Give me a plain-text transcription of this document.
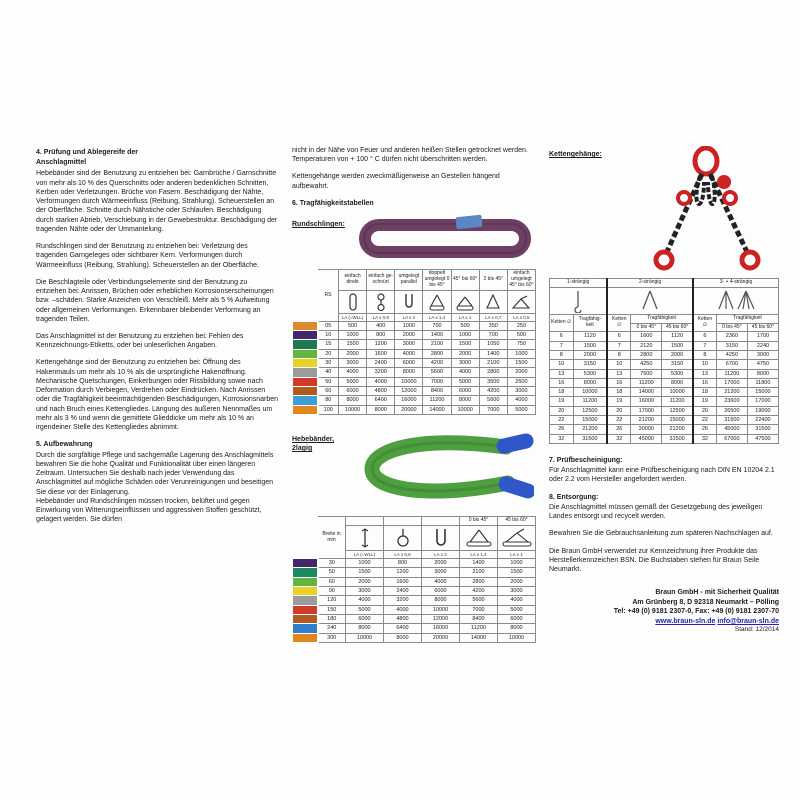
4. Prüfung und Ablegereife der
Anschlagmittel

Hebebänder sind der Benutzung zu entziehen bei: Garnbrüche / Garnschnitte von mehr als 10 % des Querschnitts oder anderen bedenklichen Schnitten, Kerben oder Verletzungen. Brüche von Fasern. Beschädigung der Nähte, Verformungen durch Wärmeeinfluss (Reibung, Strahlung). Scheuerstellen an der Oberfläche. Schnitte durch Nähstiche oder Schlaufen. Beschädigung durch starken Abrieb, Verschiebung in der Gewebestruktur. Beschädigung der tragenden Nähte oder der Ummantelung.

Rundschlingen sind der Benutzung zu entziehen bei: Verletzung des tragenden Garngeleges oder sichtbarer Kern. Verformungen durch Wärmeeinfluss (Reibung, Strahlung). Scheuerstellen an der Oberfläche.

Die Beschlagteile oder Verbindungselemente sind der Benutzung zu entziehen bei: Anrissen, Brüchen oder erheblichen Korrosionserscheinungen bzw. –schäden. Starke Anzeichen von Verschleiß. Mehr als 5 % Aufweitung oder allgemeinen Verformungen. Erkennbarer bleibender Verformung an tragenden Teilen.

Das Anschlagmittel ist der Benutzung zu entziehen bei: Fehlen des Kennzeichnungs-Etiketts, oder bei unleserlichen Angaben.

Kettengehänge sind der Benutzung zu entziehen bei: Öffnung des Hakenmauls um mehr als 10 % als die ursprüngliche Hakenöffnung. Mechanische Quetschungen, Einkerbungen oder Rissbildung sowie nach Deformation durch Verbiegen, Verdrehen oder Eindrücken. Nach Anrissen oder die Tragfähigkeit beeinträchtigenden Beschädigungen, Korrosionsnarben und nach Bruch eines Kettengliedes. Längung des äußeren Nennmaßes um mehr als 3 % und wenn die gemittete Glieddicke um mehr als 10 % an irgendeiner Stelle des Kettengliedes abnimmt.

5. Aufbewahrung

Durch die sorgfältige Pflege und sachgemäße Lagerung des Anschlagmittels bewahren Sie die hohe Qualität und Funktionalität über einen längeren Zeitraum. Untersuchen Sie deshalb nach jeder Verwendung das Anschlagmittel auf mögliche Schäden oder Verunreinigungen und beseitigen Sie diese vor der Einlagerung.

Hebebänder und Rundschlingen müssen trocken, belüftet und gegen Einwirkung von Witterungseinflüssen und aggressiven Stoffen geschützt, gelagert werden. Sie dürfen

nicht in der Nähe von Feuer und anderen heißen Stellen getrocknet werden. Temperaturen von + 100 ° C dürfen nicht überschritten werden.

Kettengehänge werden zweckmäßigerweise an Gestellen hängend aufbewahrt.

6. Tragfähigkeitstabellen
Rundschlingen:
	RS	einfach direkt	einfach ge- schnürt	umgelegt parallel	doppelt umgelegt 0 bis 45°	45° bis 60°	2 bis 45°	einfach umgelegt 45° bis 60°

		LA (=WLL)	LA x 0,8	LA x 2	LA x 1,4	LA x 1	LA x 0,7	LA x 0,5
	05	500	400	1000	700	500	350	250
	10	1000	800	2000	1400	1000	700	500
	15	1500	1200	3000	2100	1500	1050	750
	20	2000	1600	4000	2800	2000	1400	1000
	30	3000	2400	6000	4200	3000	2100	1500
	40	4000	3200	8000	5600	4000	2800	2000
	50	5000	4000	10000	7000	5000	3500	2500
	60	6000	4800	12000	8400	6000	4200	3000
	80	8000	6400	16000	11200	8000	5600	4000
	100	10000	8000	20000	14000	10000	7000	5000
Hebebänder,
2lagig
	Breite in mm				0 bis 45°	45 bis 60°

		LA (=WLL)	LA x 0,8	LA x 2	LA x 1,4	LA x 1
	30	1000	800	2000	1400	1000
	50	1500	1200	3000	2100	1500
	60	2000	1600	4000	2800	2000
	90	3000	2400	6000	4200	3000
	120	4000	3200	8000	5600	4000
	150	5000	4000	10000	7000	5000
	180	6000	4800	12000	8400	6000
	240	8000	6400	16000	11200	8000
	300	10000	8000	20000	14000	10000
Kettengehänge:
1-strängig		2-strängig			3- + 4-strängig		

Ketten ∅	Tragfähig- keit	Ketten ∅	Tragfähigkeit		Ketten ∅	Tragfähigkeit	
			0 bis 45°	45 bis 60°		0 bis 45°	45 bis 60°
6	1120	6	1600	1120	6	2360	1700
7	1500	7	2120	1500	7	3150	2240
8	2000	8	2800	2000	8	4250	3000
10	3150	10	4250	3150	10	6700	4750
13	5300	13	7500	5300	13	11200	8000
16	8000	16	11200	8000	16	17000	11800
18	10000	18	14000	10000	18	21200	15000
19	11200	19	16000	11200	19	23600	17000
20	12500	20	17000	12500	20	26500	19000
22	15000	22	21200	15000	22	31500	22400
26	21200	26	30000	21200	26	45000	31500
32	31500	32	45000	31500	32	67000	47500
7. Prüfbescheinigung:

Für Anschlagmittel kann eine Prüfbescheinigung nach DIN EN 10204 2.1 oder 2.2 vom Hersteller angefordert werden.

8. Entsorgung:

Die Anschlagmittel müssen gemäß der Gesetzgebung des jeweiligen Landes entsorgt und recycelt werden.

Bewahren Sie die Gebrauchsanleitung zum späteren Nachschlagen auf.

Die Braun GmbH verwendet zur Kennzeichnung ihrer Produkte das Herstellerkennzeichen BSN. Die Buchstaben stehen für Braun Seile Neumarkt.

Braun GmbH - mit Sicherheit Qualität
Am Grünberg 8, D 92318 Neumarkt – Pölling
Tel: +49 (0) 9181 2307-0, Fax: +49 (0) 9181 2307-70
www.braun-sln.de info@braun-sln.de
Stand: 12/2014
